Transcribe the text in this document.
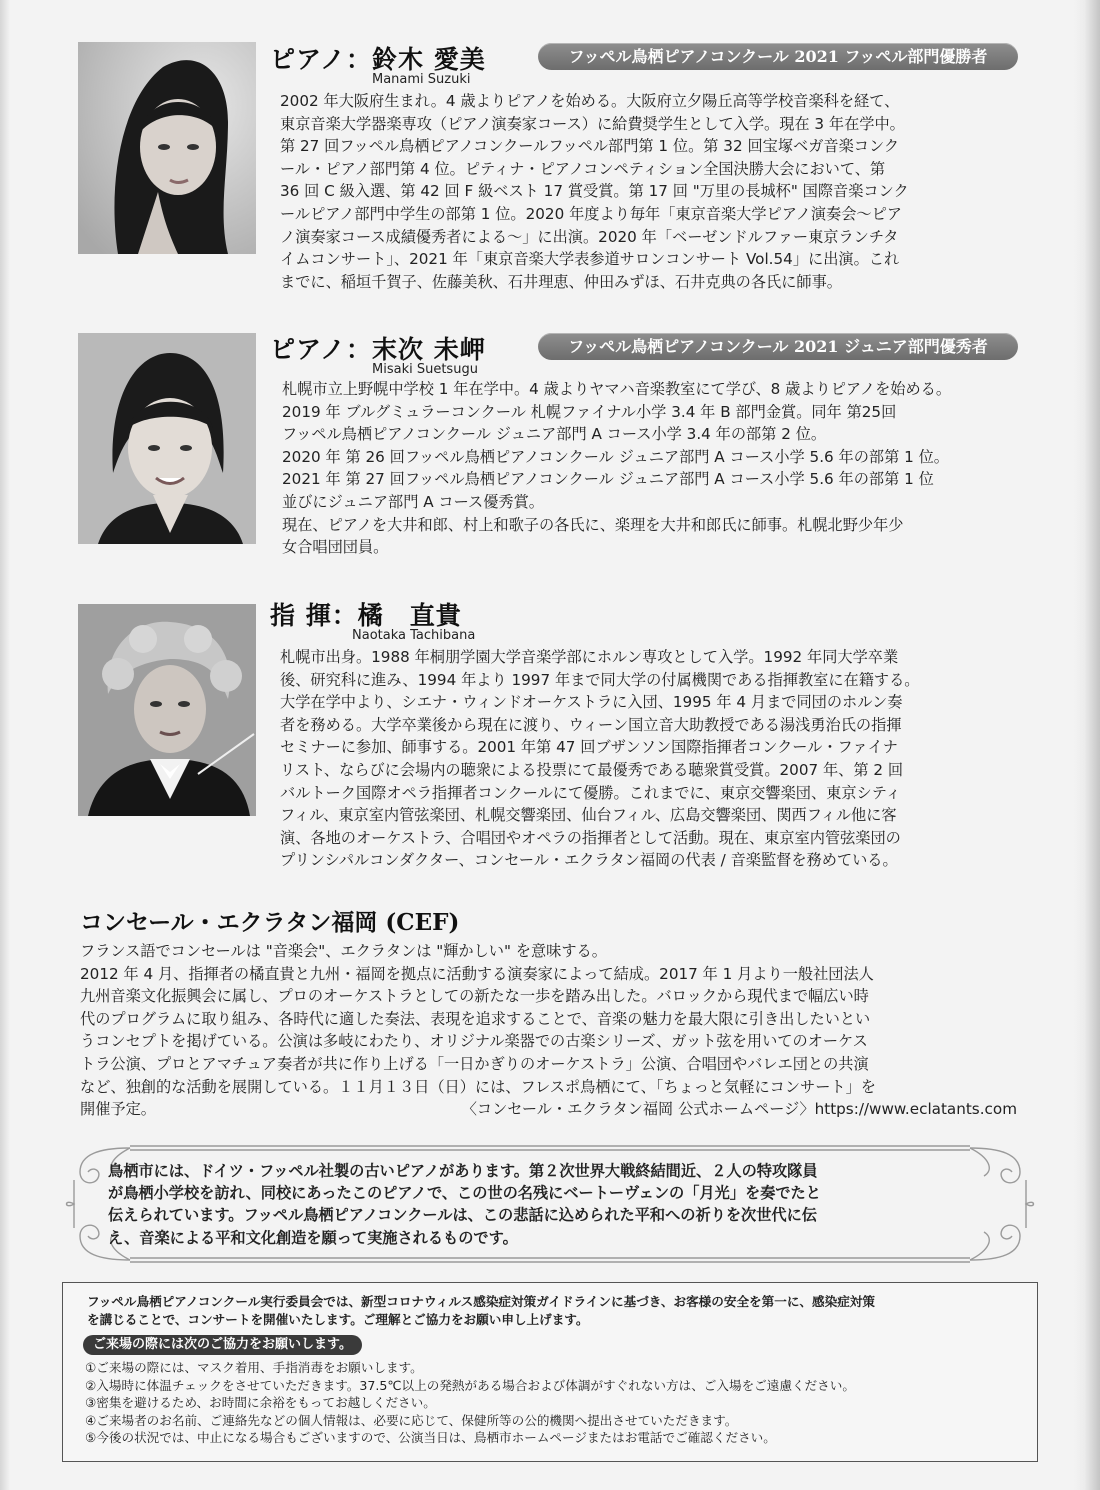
ピアノ：鈴木 愛美
Manami Suzuki
フッペル鳥栖ピアノコンクール 2021 フッペル部門優勝者
2002 年大阪府生まれ。4 歳よりピアノを始める。大阪府立夕陽丘高等学校音楽科を経て、
東京音楽大学器楽専攻（ピアノ演奏家コース）に給費奨学生として入学。現在 3 年在学中。
第 27 回フッペル鳥栖ピアノコンクールフッペル部門第 1 位。第 32 回宝塚ベガ音楽コンク
ール・ピアノ部門第 4 位。ピティナ・ピアノコンペティション全国決勝大会において、第
36 回 C 級入選、第 42 回 F 級ベスト 17 賞受賞。第 17 回 "万里の長城杯" 国際音楽コンク
ールピアノ部門中学生の部第 1 位。2020 年度より毎年「東京音楽大学ピアノ演奏会～ピア
ノ演奏家コース成績優秀者による～」に出演。2020 年「ベーゼンドルファー東京ランチタ
イムコンサート」、2021 年「東京音楽大学表参道サロンコンサート Vol.54」に出演。これ
までに、稲垣千賀子、佐藤美秋、石井理恵、仲田みずほ、石井克典の各氏に師事。
ピアノ：末次 未岬
Misaki Suetsugu
フッペル鳥栖ピアノコンクール 2021 ジュニア部門優秀者
札幌市立上野幌中学校 1 年在学中。4 歳よりヤマハ音楽教室にて学び、8 歳よりピアノを始める。
2019 年 ブルグミュラーコンクール 札幌ファイナル小学 3.4 年 B 部門金賞。同年 第25回
フッペル鳥栖ピアノコンクール ジュニア部門 A コース小学 3.4 年の部第 2 位。
2020 年 第 26 回フッペル鳥栖ピアノコンクール ジュニア部門 A コース小学 5.6 年の部第 1 位。
2021 年 第 27 回フッペル鳥栖ピアノコンクール ジュニア部門 A コース小学 5.6 年の部第 1 位
並びにジュニア部門 A コース優秀賞。
現在、ピアノを大井和郎、村上和歌子の各氏に、楽理を大井和郎氏に師事。札幌北野少年少
女合唱団団員。
指 揮：橘　直貴
Naotaka Tachibana
札幌市出身。1988 年桐朋学園大学音楽学部にホルン専攻として入学。1992 年同大学卒業
後、研究科に進み、1994 年より 1997 年まで同大学の付属機関である指揮教室に在籍する。
大学在学中より、シエナ・ウィンドオーケストラに入団、1995 年 4 月まで同団のホルン奏
者を務める。大学卒業後から現在に渡り、ウィーン国立音大助教授である湯浅勇治氏の指揮
セミナーに参加、師事する。2001 年第 47 回ブザンソン国際指揮者コンクール・ファイナ
リスト、ならびに会場内の聴衆による投票にて最優秀である聴衆賞受賞。2007 年、第 2 回
バルトーク国際オペラ指揮者コンクールにて優勝。これまでに、東京交響楽団、東京シティ
フィル、東京室内管弦楽団、札幌交響楽団、仙台フィル、広島交響楽団、関西フィル他に客
演、各地のオーケストラ、合唱団やオペラの指揮者として活動。現在、東京室内管弦楽団の
プリンシパルコンダクター、コンセール・エクラタン福岡の代表 / 音楽監督を務めている。
コンセール・エクラタン福岡 (CEF)
フランス語でコンセールは "音楽会"、エクラタンは "輝かしい" を意味する。
2012 年 4 月、指揮者の橘直貴と九州・福岡を拠点に活動する演奏家によって結成。2017 年 1 月より一般社団法人
九州音楽文化振興会に属し、プロのオーケストラとしての新たな一歩を踏み出した。バロックから現代まで幅広い時
代のプログラムに取り組み、各時代に適した奏法、表現を追求することで、音楽の魅力を最大限に引き出したいとい
うコンセプトを掲げている。公演は多岐にわたり、オリジナル楽器での古楽シリーズ、ガット弦を用いてのオーケス
トラ公演、プロとアマチュア奏者が共に作り上げる「一日かぎりのオーケストラ」公演、合唱団やバレエ団との共演
など、独創的な活動を展開している。１１月１３日（日）には、フレスポ鳥栖にて、「ちょっと気軽にコンサート」を
開催予定。	〈コンセール・エクラタン福岡 公式ホームページ〉https://www.eclatants.com
鳥栖市には、ドイツ・フッペル社製の古いピアノがあります。第２次世界大戦終結間近、２人の特攻隊員
が鳥栖小学校を訪れ、同校にあったこのピアノで、この世の名残にベートーヴェンの「月光」を奏でたと
伝えられています。フッペル鳥栖ピアノコンクールは、この悲話に込められた平和への祈りを次世代に伝
え、音楽による平和文化創造を願って実施されるものです。
フッペル鳥栖ピアノコンクール実行委員会では、新型コロナウィルス感染症対策ガイドラインに基づき、お客様の安全を第一に、感染症対策
を講じることで、コンサートを開催いたします。ご理解とご協力をお願い申し上げます。
ご来場の際には次のご協力をお願いします。
①ご来場の際には、マスク着用、手指消毒をお願いします。
②入場時に体温チェックをさせていただきます。37.5℃以上の発熱がある場合および体調がすぐれない方は、ご入場をご遠慮ください。
③密集を避けるため、お時間に余裕をもってお越しください。
④ご来場者のお名前、ご連絡先などの個人情報は、必要に応じて、保健所等の公的機関へ提出させていただきます。
⑤今後の状況では、中止になる場合もございますので、公演当日は、鳥栖市ホームページまたはお電話でご確認ください。
